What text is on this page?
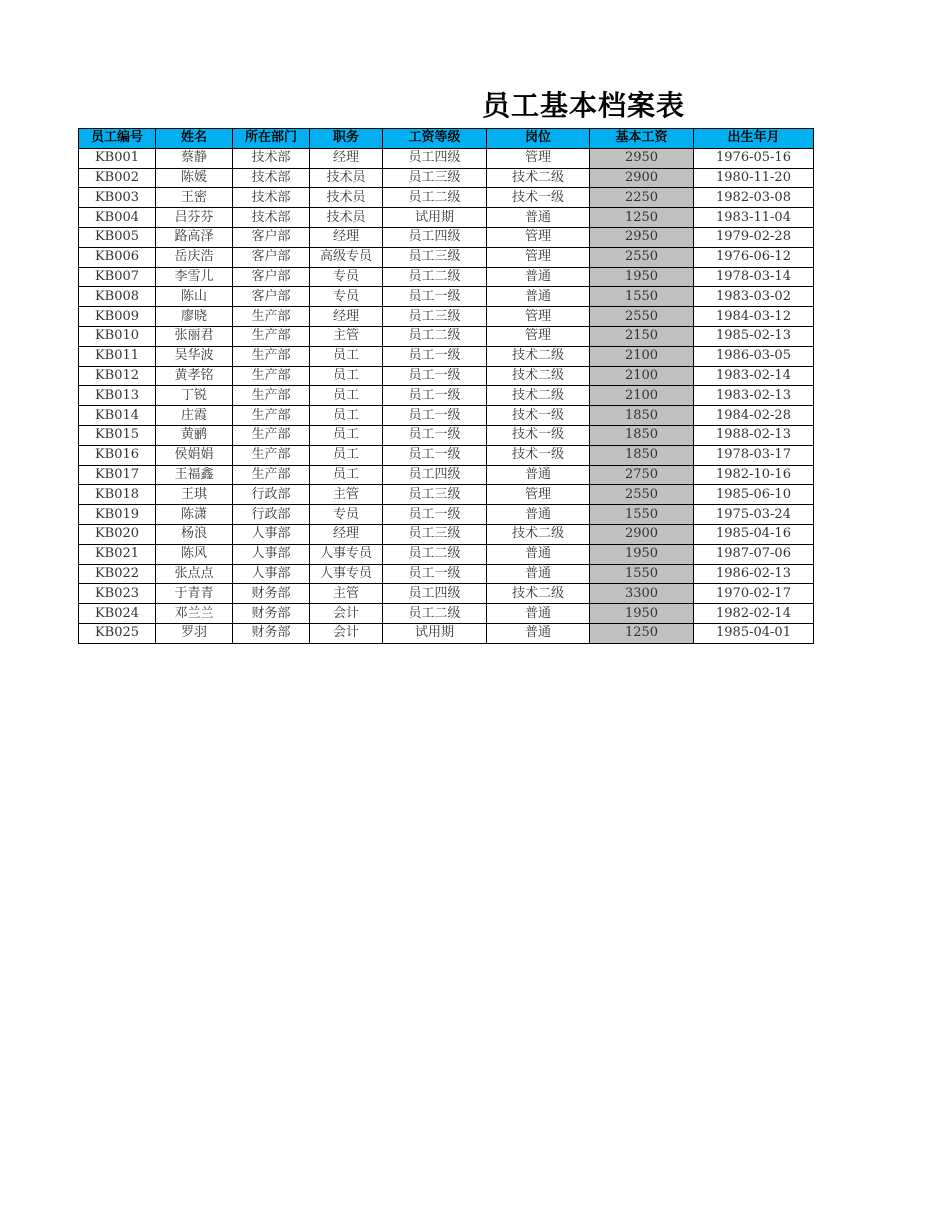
员工基本档案表
员工编号	姓名	所在部门	职务	工资等级	岗位	基本工资	出生年月
KB001	蔡静	技术部	经理	员工四级	管理	2950	1976-05-16
KB002	陈媛	技术部	技术员	员工三级	技术二级	2900	1980-11-20
KB003	王密	技术部	技术员	员工二级	技术一级	2250	1982-03-08
KB004	吕芬芬	技术部	技术员	试用期	普通	1250	1983-11-04
KB005	路高泽	客户部	经理	员工四级	管理	2950	1979-02-28
KB006	岳庆浩	客户部	高级专员	员工三级	管理	2550	1976-06-12
KB007	李雪儿	客户部	专员	员工二级	普通	1950	1978-03-14
KB008	陈山	客户部	专员	员工一级	普通	1550	1983-03-02
KB009	廖晓	生产部	经理	员工三级	管理	2550	1984-03-12
KB010	张丽君	生产部	主管	员工二级	管理	2150	1985-02-13
KB011	吴华波	生产部	员工	员工一级	技术二级	2100	1986-03-05
KB012	黄孝铭	生产部	员工	员工一级	技术二级	2100	1983-02-14
KB013	丁锐	生产部	员工	员工一级	技术二级	2100	1983-02-13
KB014	庄霞	生产部	员工	员工一级	技术一级	1850	1984-02-28
KB015	黄鹂	生产部	员工	员工一级	技术一级	1850	1988-02-13
KB016	侯娟娟	生产部	员工	员工一级	技术一级	1850	1978-03-17
KB017	王福鑫	生产部	员工	员工四级	普通	2750	1982-10-16
KB018	王琪	行政部	主管	员工三级	管理	2550	1985-06-10
KB019	陈潇	行政部	专员	员工一级	普通	1550	1975-03-24
KB020	杨浪	人事部	经理	员工三级	技术二级	2900	1985-04-16
KB021	陈风	人事部	人事专员	员工二级	普通	1950	1987-07-06
KB022	张点点	人事部	人事专员	员工一级	普通	1550	1986-02-13
KB023	于青青	财务部	主管	员工四级	技术二级	3300	1970-02-17
KB024	邓兰兰	财务部	会计	员工二级	普通	1950	1982-02-14
KB025	罗羽	财务部	会计	试用期	普通	1250	1985-04-01
